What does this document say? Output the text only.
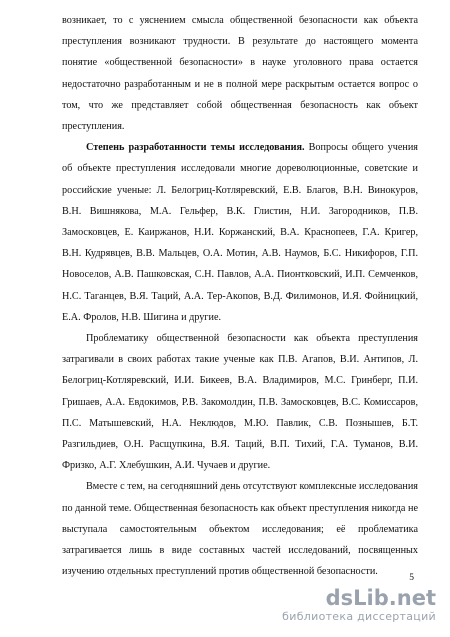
возникает, то с уяснением смысла общественной безопасности как объекта преступления возникают трудности. В результате до настоящего момента понятие «общественной безопасности» в науке уголовного права остается недостаточно разработанным и не в полной мере раскрытым остается вопрос о том, что же представляет собой общественная безопасность как объект преступления.

Степень разработанности темы исследования. Вопросы общего учения об объекте преступления исследовали многие дореволюционные, советские и российские ученые: Л. Белогриц-Котляревский, Е.В. Благов, В.Н. Винокуров, В.Н. Вишнякова, М.А. Гельфер, В.К. Глистин, Н.И. Загородников, П.В. Замосковцев, Е. Каиржанов, Н.И. Коржанский, В.А. Краснопеев, Г.А. Кригер, В.Н. Кудрявцев, В.В. Мальцев, О.А. Мотин, А.В. Наумов, Б.С. Никифоров, Г.П. Новоселов, А.В. Пашковская, С.Н. Павлов, А.А. Пионтковский, И.П. Семченков, Н.С. Таганцев, В.Я. Таций, А.А. Тер-Акопов, В.Д. Филимонов, И.Я. Фойницкий, Е.А. Фролов, Н.В. Шигина и другие.

Проблематику общественной безопасности как объекта преступления затрагивали в своих работах такие ученые как П.В. Агапов, В.И. Антипов, Л. Белогриц-Котляревский, И.И. Бикеев, В.А. Владимиров, М.С. Гринберг, П.И. Гришаев, А.А. Евдокимов, Р.В. Закомолдин, П.В. Замосковцев, В.С. Комиссаров, П.С. Матышевский, Н.А. Неклюдов, М.Ю. Павлик, С.В. Познышев, Б.Т. Разгильдиев, О.Н. Расщупкина, В.Я. Таций, В.П. Тихий, Г.А. Туманов, В.И. Фризко, А.Г. Хлебушкин, А.И. Чучаев и другие.

Вместе с тем, на сегодняшний день отсутствуют комплексные исследования по данной теме. Общественная безопасность как объект преступления никогда не выступала самостоятельным объектом исследования; её проблематика затрагивается лишь в виде составных частей исследований, посвященных изучению отдельных преступлений против общественной безопасности.

5
dsLib .net
библиотека диссертаций
